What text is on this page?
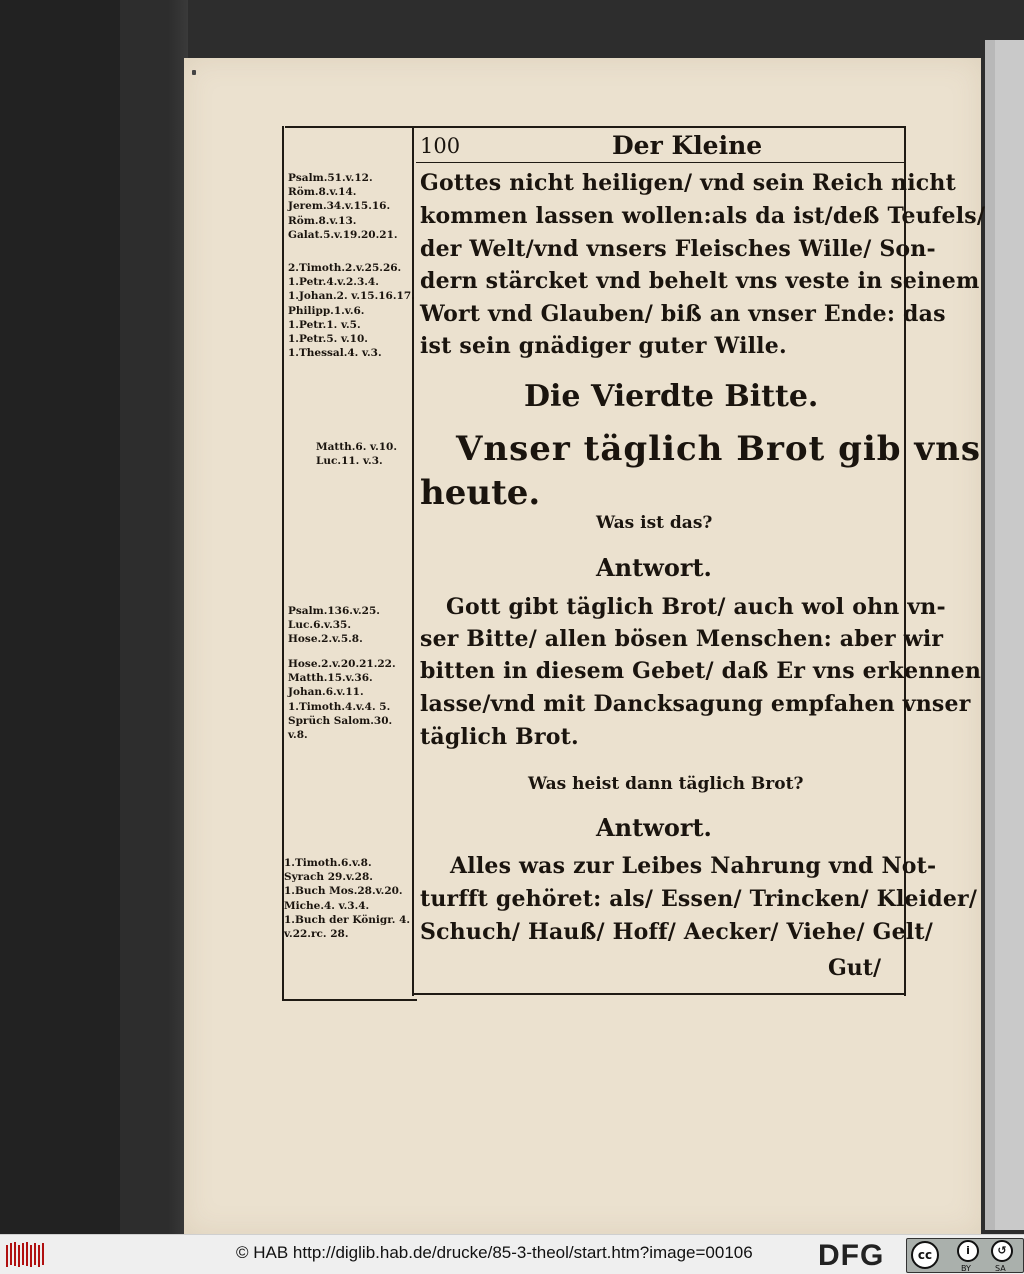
100	Der Kleine
Psalm.51.v.12.
Röm.8.v.14.
Jerem.34.v.15.16.
Röm.8.v.13.
Galat.5.v.19.20.21.
2.Timoth.2.v.25.26.
1.Petr.4.v.2.3.4.
1.Johan.2. v.15.16.17.
Philipp.1.v.6.
1.Petr.1. v.5.
1.Petr.5. v.10.
1.Thessal.4. v.3.
Matth.6. v.10.
Luc.11. v.3.
Psalm.136.v.25.
Luc.6.v.35.
Hose.2.v.5.8.
Hose.2.v.20.21.22.
Matth.15.v.36.
Johan.6.v.11.
1.Timoth.4.v.4. 5.
Sprüch Salom.30.
v.8.
1.Timoth.6.v.8.
Syrach 29.v.28.
1.Buch Mos.28.v.20.
Miche.4. v.3.4.
1.Buch der Königr. 4.
v.22.rc. 28.
Gottes nicht heiligen/ vnd sein Reich nicht
kommen lassen wollen:als da ist/deß Teufels/
der Welt/vnd vnsers Fleisches Wille/ Son-
dern stärcket vnd behelt vns veste in seinem
Wort vnd Glauben/ biß an vnser Ende: das
ist sein gnädiger guter Wille.
Die Vierdte Bitte.
Vnser täglich Brot gib vns
heute.
Was ist das?
Antwort.
Gott gibt täglich Brot/ auch wol ohn vn-
ser Bitte/ allen bösen Menschen: aber wir
bitten in diesem Gebet/ daß Er vns erkennen
lasse/vnd mit Dancksagung empfahen vnser
täglich Brot.
Was heist dann täglich Brot?
Antwort.
Alles was zur Leibes Nahrung vnd Not-
turfft gehöret: als/ Essen/ Trincken/ Kleider/
Schuch/ Hauß/ Hoff/ Aecker/ Viehe/ Gelt/
Gut/
© HAB http://diglib.hab.de/drucke/85-3-theol/start.htm?image=00106 DFG	cc	i	↺
BY	SA
